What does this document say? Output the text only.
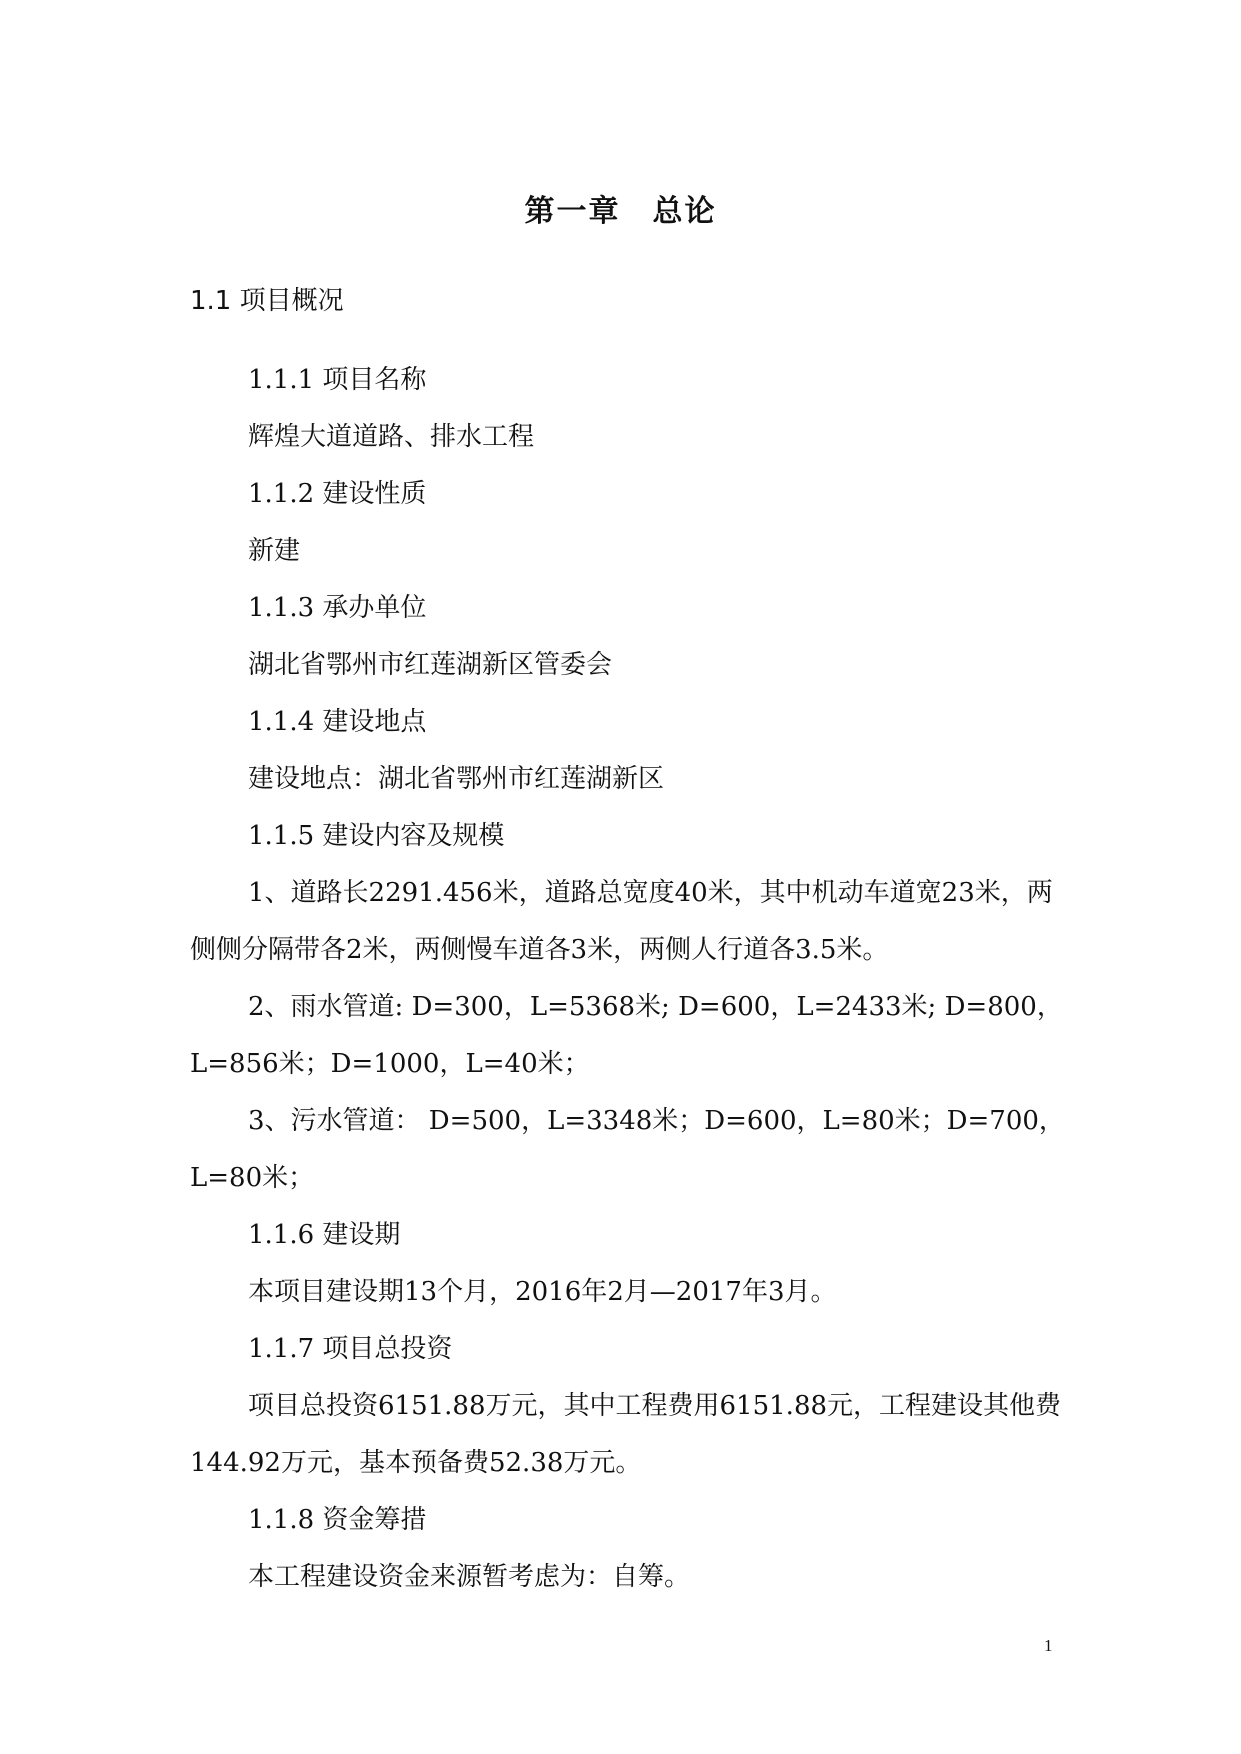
第一章　总论
1.1 项目概况

1.1.1 项目名称

辉煌大道道路、排水工程

1.1.2 建设性质

新建

1.1.3 承办单位

湖北省鄂州市红莲湖新区管委会

1.1.4 建设地点

建设地点：湖北省鄂州市红莲湖新区

1.1.5 建设内容及规模

1、道路长2291.456米，道路总宽度40米，其中机动车道宽23米，两侧侧分隔带各2米，两侧慢车道各3米，两侧人行道各3.5米。

2、雨水管道: D=300，L=5368米; D=600，L=2433米; D=800，L=856米；D=1000，L=40米；

3、污水管道： D=500，L=3348米；D=600，L=80米；D=700，L=80米；

1.1.6 建设期

本项目建设期13个月，2016年2月—2017年3月。

1.1.7 项目总投资

项目总投资6151.88万元，其中工程费用6151.88元，工程建设其他费144.92万元，基本预备费52.38万元。

1.1.8 资金筹措

本工程建设资金来源暂考虑为：自筹。

1
